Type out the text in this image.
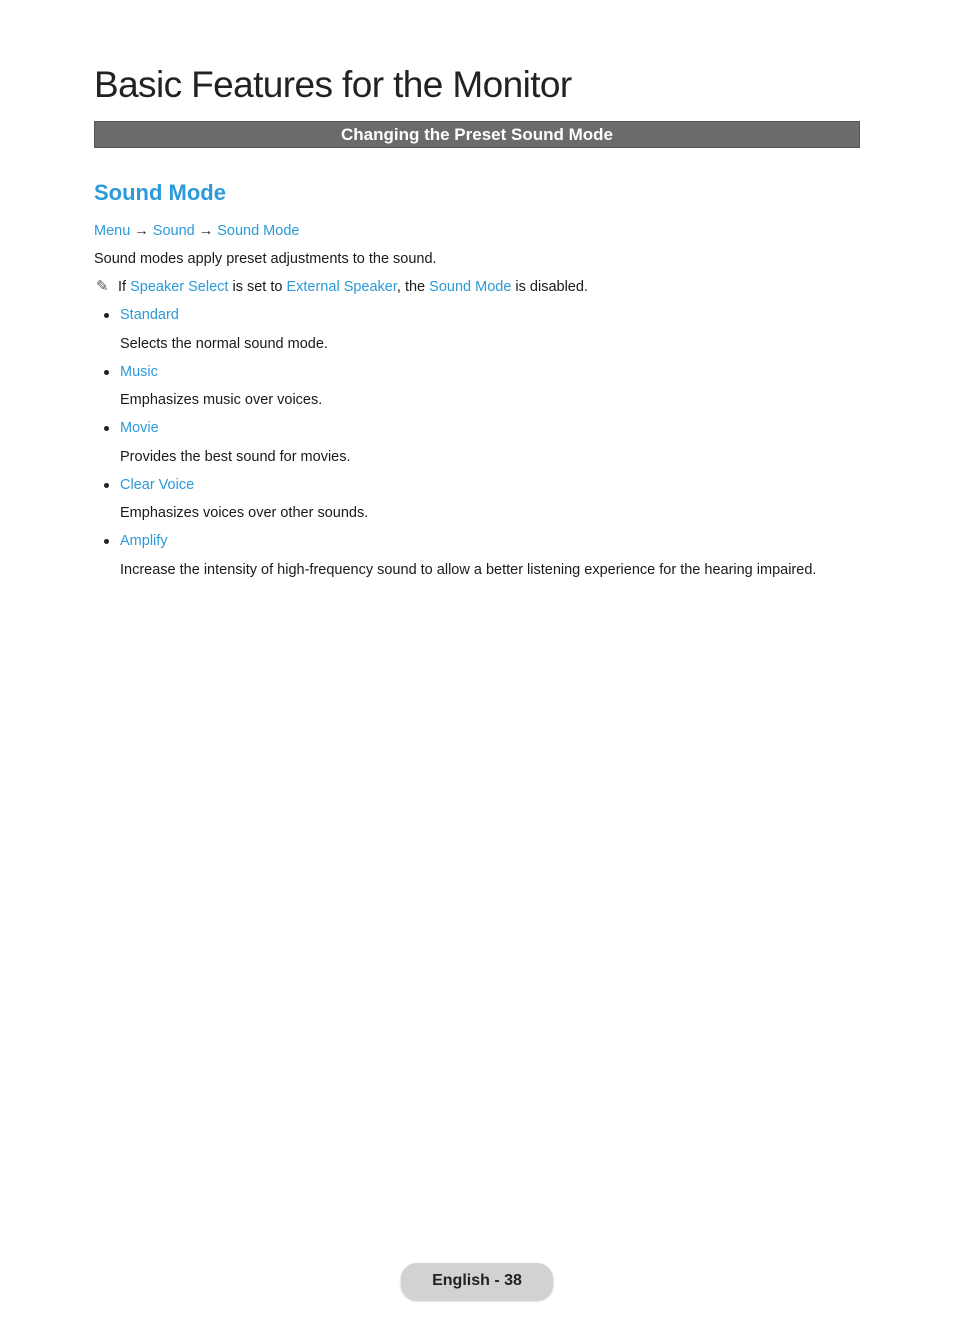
Basic Features for the Monitor
Changing the Preset Sound Mode
Sound Mode
Menu → Sound → Sound Mode
Sound modes apply preset adjustments to the sound.
✎ If Speaker Select is set to External Speaker, the Sound Mode is disabled.
Standard
Selects the normal sound mode.
Music
Emphasizes music over voices.
Movie
Provides the best sound for movies.
Clear Voice
Emphasizes voices over other sounds.
Amplify
Increase the intensity of high-frequency sound to allow a better listening experience for the hearing impaired.
English - 38
